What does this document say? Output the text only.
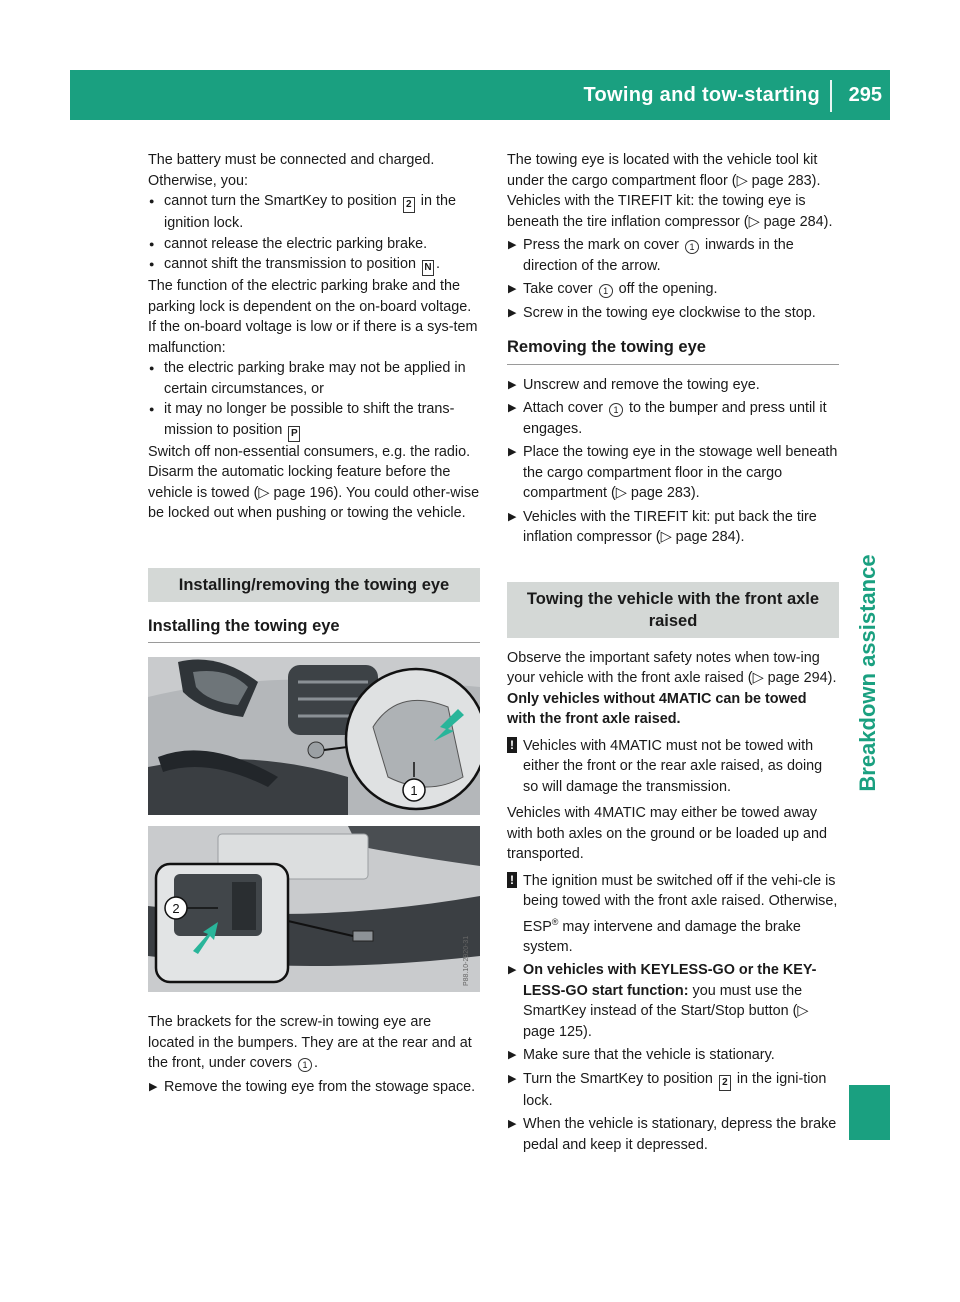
Towing and tow-starting 295
Breakdown assistance

The battery must be connected and charged.

Otherwise, you:

● cannot turn the SmartKey to position 2 in the ignition lock.

● cannot release the electric parking brake.

● cannot shift the transmission to position N .

The function of the electric parking brake and the parking lock is dependent on the on-board voltage.

If the on-board voltage is low or if there is a sys-tem malfunction:

● the electric parking brake may not be applied in certain circumstances, or

● it may no longer be possible to shift the trans-mission to position P

Switch off non-essential consumers, e.g. the radio.

Disarm the automatic locking feature before the vehicle is towed (▷ page 196). You could other-wise be locked out when pushing or towing the vehicle.

Installing/removing the towing eye
Installing the towing eye
1

2
P88.10-2920-31

The brackets for the screw-in towing eye are located in the bumpers. They are at the rear and at the front, under covers 1 .

▶ Remove the towing eye from the stowage space.

The towing eye is located with the vehicle tool kit under the cargo compartment floor (▷ page 283).

Vehicles with the TIREFIT kit: the towing eye is beneath the tire inflation compressor (▷ page 284).

▶ Press the mark on cover 1 inwards in the direction of the arrow.

▶ Take cover 1 off the opening.

▶ Screw in the towing eye clockwise to the stop.

Removing the towing eye

▶ Unscrew and remove the towing eye.

▶ Attach cover 1 to the bumper and press until it engages.

▶ Place the towing eye in the stowage well beneath the cargo compartment floor in the cargo compartment (▷ page 283).

▶ Vehicles with the TIREFIT kit: put back the tire inflation compressor (▷ page 284).

Towing the vehicle with the front axle raised

Observe the important safety notes when tow-ing your vehicle with the front axle raised (▷ page 294).

Only vehicles without 4MATIC can be towed with the front axle raised.

! Vehicles with 4MATIC must not be towed with either the front or the rear axle raised, as doing so will damage the transmission.

Vehicles with 4MATIC may either be towed away with both axles on the ground or be loaded up and transported.

! The ignition must be switched off if the vehi-cle is being towed with the front axle raised. Otherwise, ESP® may intervene and damage the brake system.

▶ On vehicles with KEYLESS-GO or the KEY-LESS-GO start function: you must use the SmartKey instead of the Start/Stop button (▷ page 125).

▶ Make sure that the vehicle is stationary.

▶ Turn the SmartKey to position 2 in the igni-tion lock.

▶ When the vehicle is stationary, depress the brake pedal and keep it depressed.
